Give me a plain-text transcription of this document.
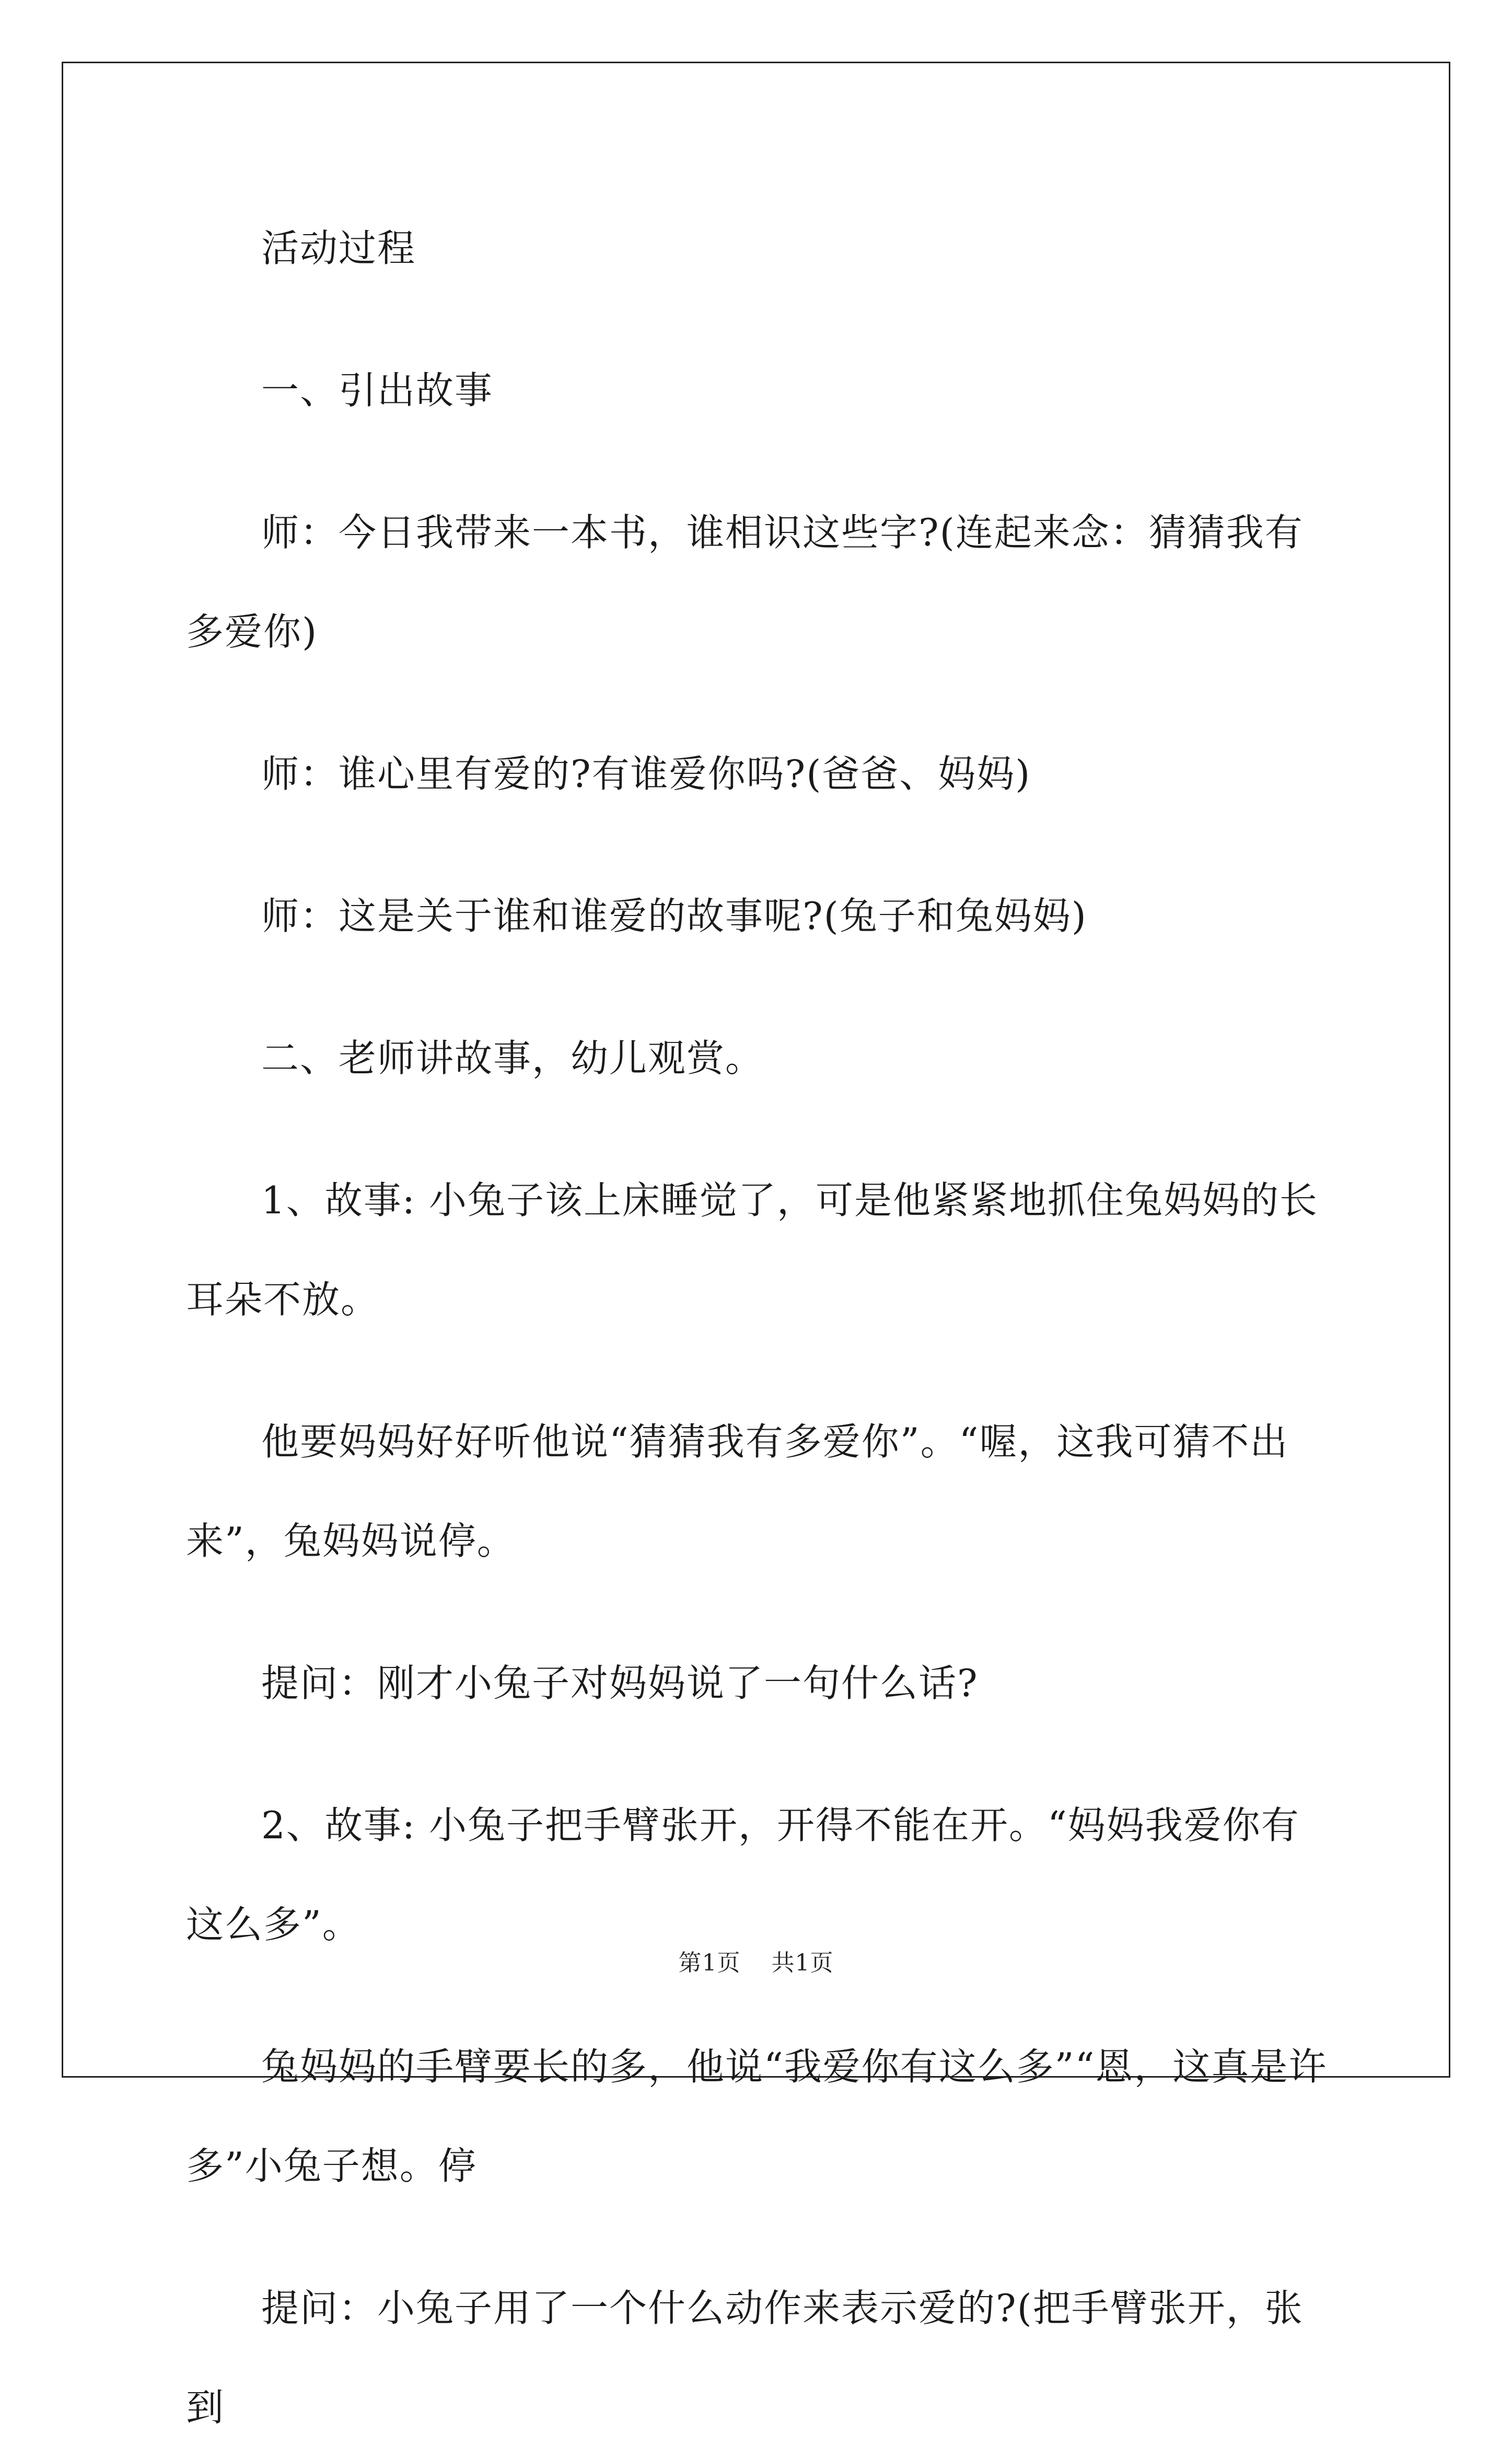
活动过程

一、引出故事

师：今日我带来一本书，谁相识这些字?(连起来念：猜猜我有多爱你)

师：谁心里有爱的?有谁爱你吗?(爸爸、妈妈)

师：这是关于谁和谁爱的故事呢?(兔子和兔妈妈)

二、老师讲故事，幼儿观赏。

1、故事: 小兔子该上床睡觉了，可是他紧紧地抓住兔妈妈的长耳朵不放。

他要妈妈好好听他说“猜猜我有多爱你”。“喔，这我可猜不出来”，兔妈妈说停。

提问：刚才小兔子对妈妈说了一句什么话?

2、故事: 小兔子把手臂张开，开得不能在开。“妈妈我爱你有这么多”。

兔妈妈的手臂要长的多，他说“我爱你有这么多”“恩，这真是许多”小兔子想。停

提问：小兔子用了一个什么动作来表示爱的?(把手臂张开，张到

第1页 共1页
